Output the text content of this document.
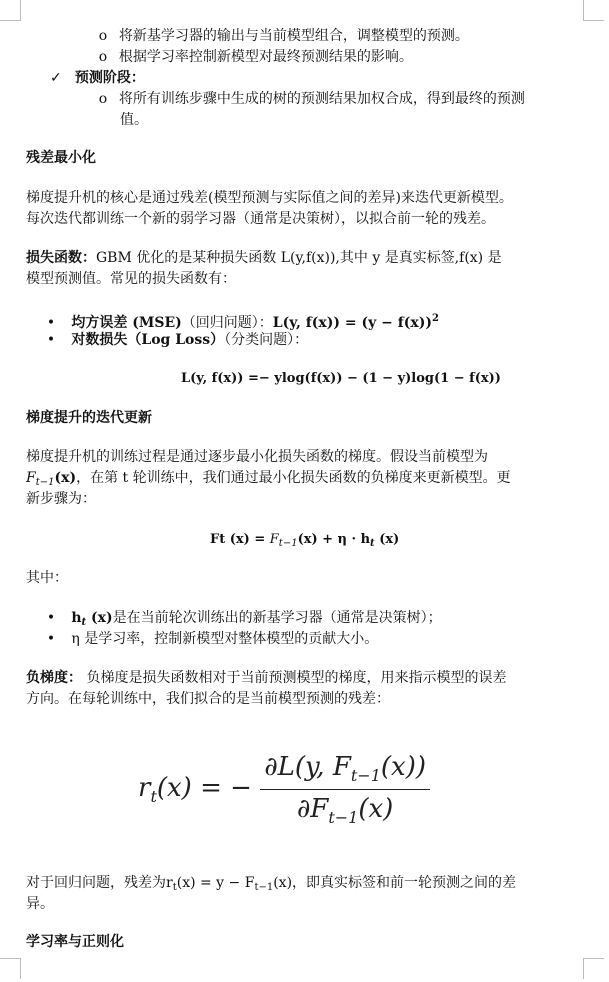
o 将新基学习器的输出与当前模型组合，调整模型的预测。
o 根据学习率控制新模型对最终预测结果的影响。
✓ 预测阶段：
o 将所有训练步骤中生成的树的预测结果加权合成，得到最终的预测
值。
残差最小化
梯度提升机的核心是通过残差(模型预测与实际值之间的差异)来迭代更新模型。
每次迭代都训练一个新的弱学习器（通常是决策树），以拟合前一轮的残差。
损失函数：GBM 优化的是某种损失函数 L(y,f(x)),其中 y 是真实标签,f(x) 是
模型预测值。常见的损失函数有：
• 均方误差 (MSE)（回归问题）：L(y, $f(x)) = (y - f(x))^2$
• 对数损失（Log Loss）（分类问题）：
L(y, f(x)) =− ylog(f(x)) − (1 − y)log(1 − f(x))
梯度提升的迭代更新
梯度提升机的训练过程是通过逐步最小化损失函数的梯度。假设当前模型为
$F_{t-1}(x)$，在第 t 轮训练中，我们通过最小化损失函数的负梯度来更新模型。更
新步骤为：
Ft $(x) = F_{t-1}(x) + \eta \cdot h_t$ (x)
其中：
• $h_t$ (x)是在当前轮次训练出的新基学习器（通常是决策树）；
• η 是学习率，控制新模型对整体模型的贡献大小。
负梯度： 负梯度是损失函数相对于当前预测模型的梯度，用来指示模型的误差
方向。在每轮训练中，我们拟合的是当前模型预测的残差：
$r_t(x)$ = − $\frac{\partial L(y, F_{t-1}(x))}{\partial F_{t-1}(x)}$
对于回归问题，残差为$r_t(x) = y - F_{t-1}(x)$，即真实标签和前一轮预测之间的差
异。
学习率与正则化
